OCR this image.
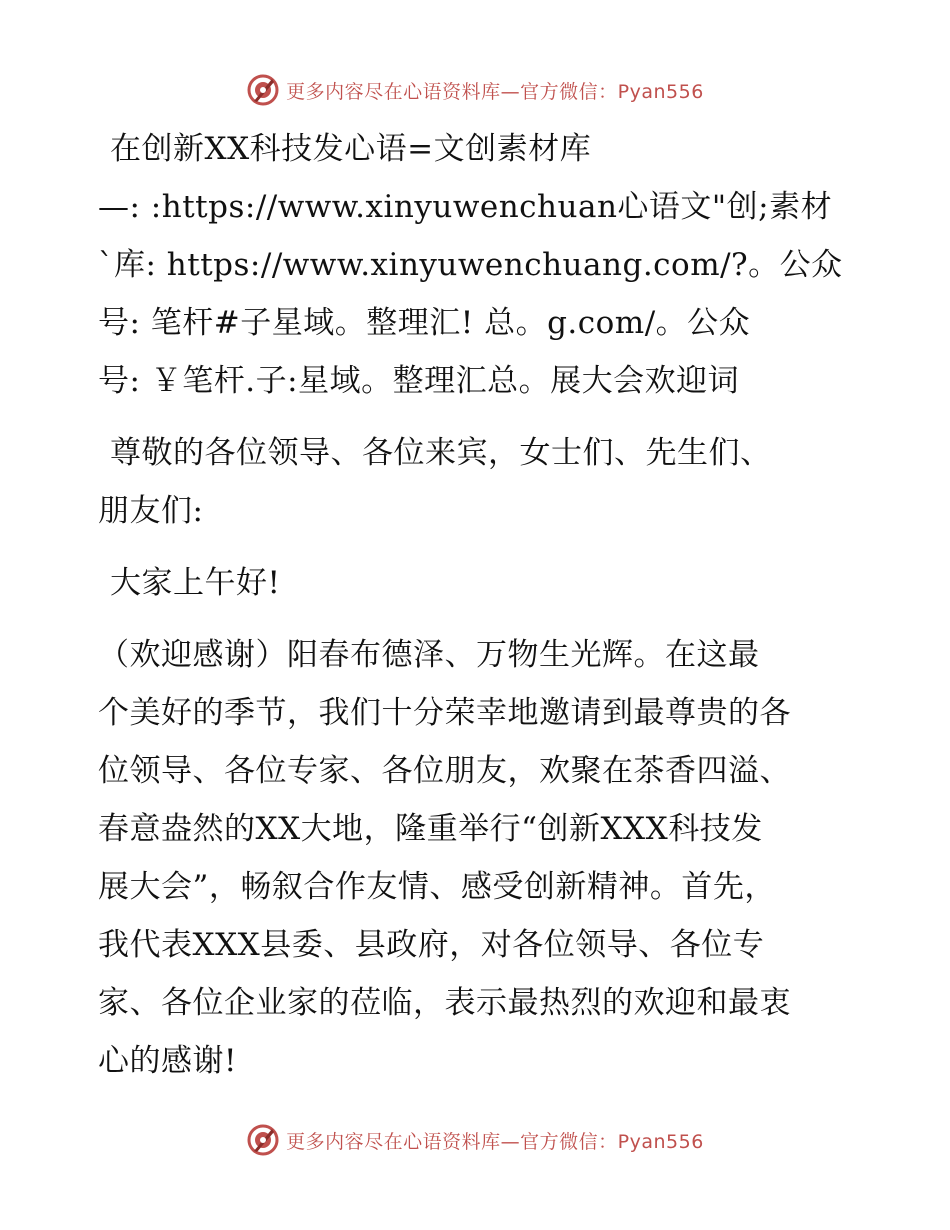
更多内容尽在心语资料库—官方微信：Pyan556
在创新XX科技发心语=文创素材库
—: :https://www.xinyuwenchuan心语文"创;素材
`库: https://www.xinyuwenchuang.com/?。公众
号: 笔杆#子星域。整理汇! 总。g.com/。公众
号: ￥笔杆.子:星域。整理汇总。展大会欢迎词
尊敬的各位领导、各位来宾，女士们、先生们、
朋友们:
大家上午好!
（欢迎感谢）阳春布德泽、万物生光辉。在这最
个美好的季节，我们十分荣幸地邀请到最尊贵的各
位领导、各位专家、各位朋友，欢聚在茶香四溢、
春意盎然的XX大地，隆重举行“创新XXX科技发
展大会”，畅叙合作友情、感受创新精神。首先，
我代表XXX县委、县政府，对各位领导、各位专
家、各位企业家的莅临，表示最热烈的欢迎和最衷
心的感谢!
更多内容尽在心语资料库—官方微信：Pyan556
